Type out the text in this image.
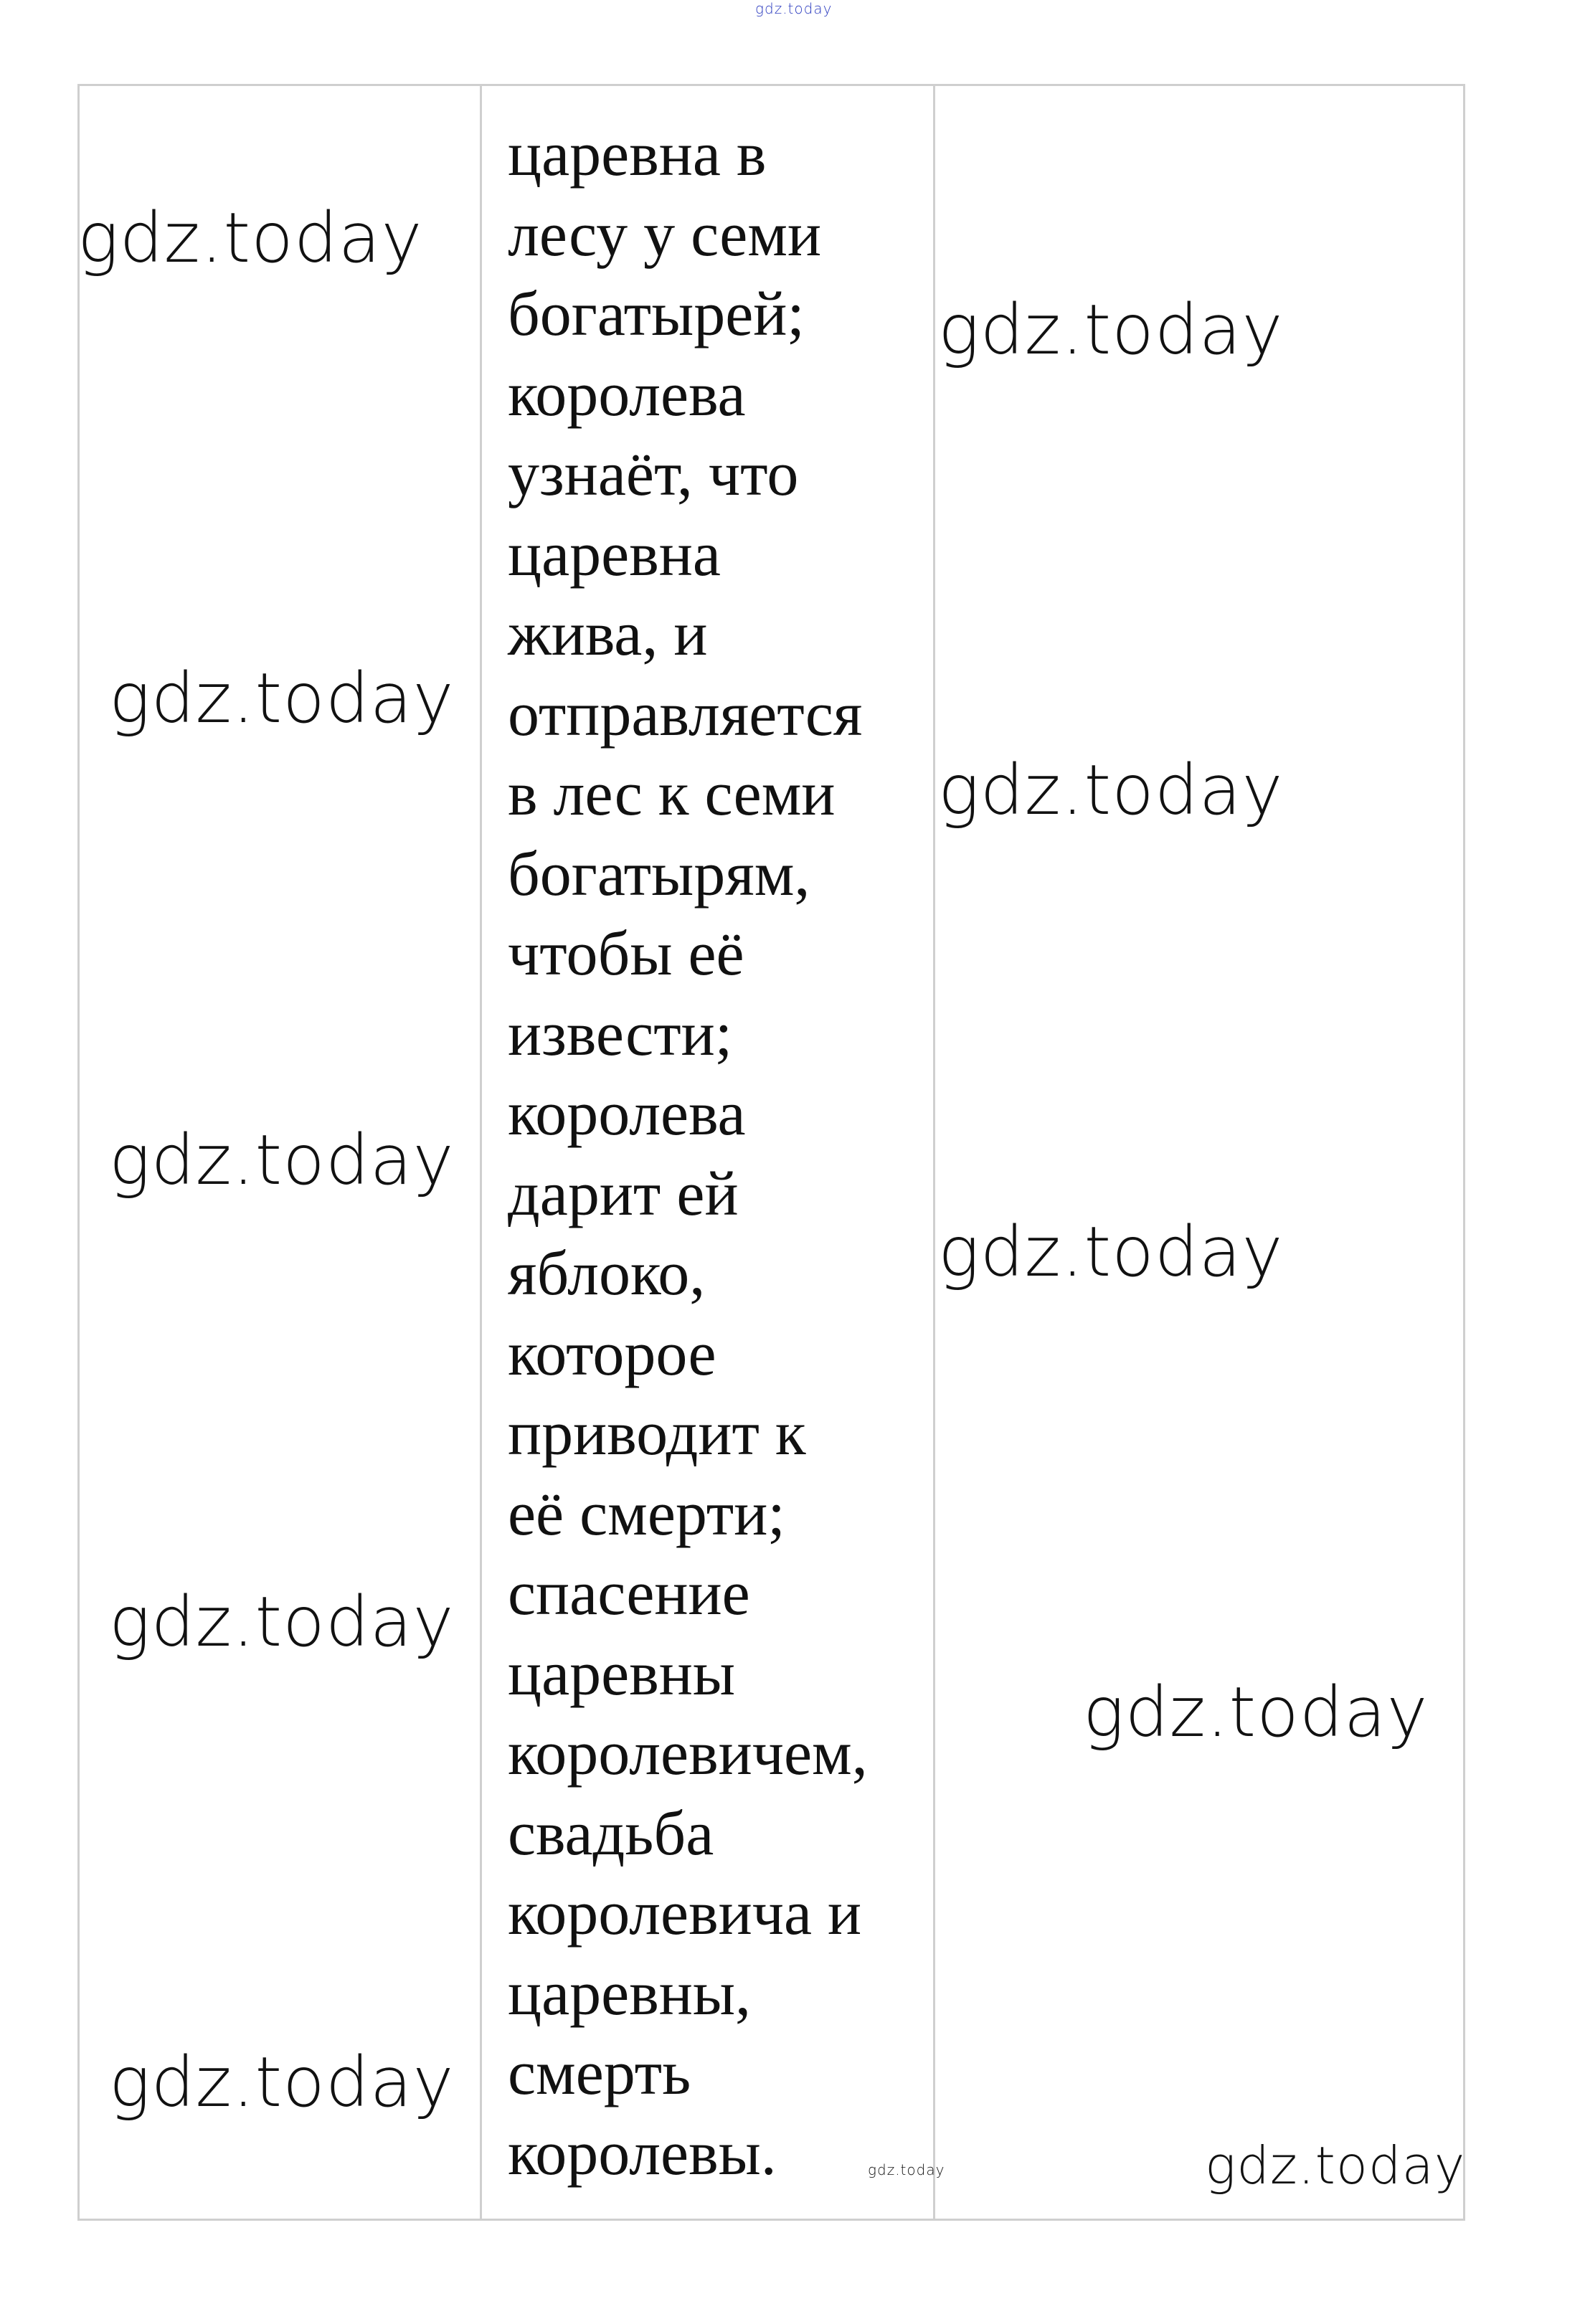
gdz.today
gdz.today
gdz.today
gdz.today
gdz.today
gdz.today

царевна в
лесу у семи
богатырей;
королева
узнаёт, что
царевна
жива, и
отправляется
в лес к семи
богатырям,
чтобы её
извести;
королева
дарит ей
яблоко,
которое
приводит к
её смерти;
спасение
царевны
королевичем,
свадьба
королевича и
царевны,
смерть
королевы.	gdz.today
gdz.today
gdz.today
gdz.today
gdz.today
gdz.today
